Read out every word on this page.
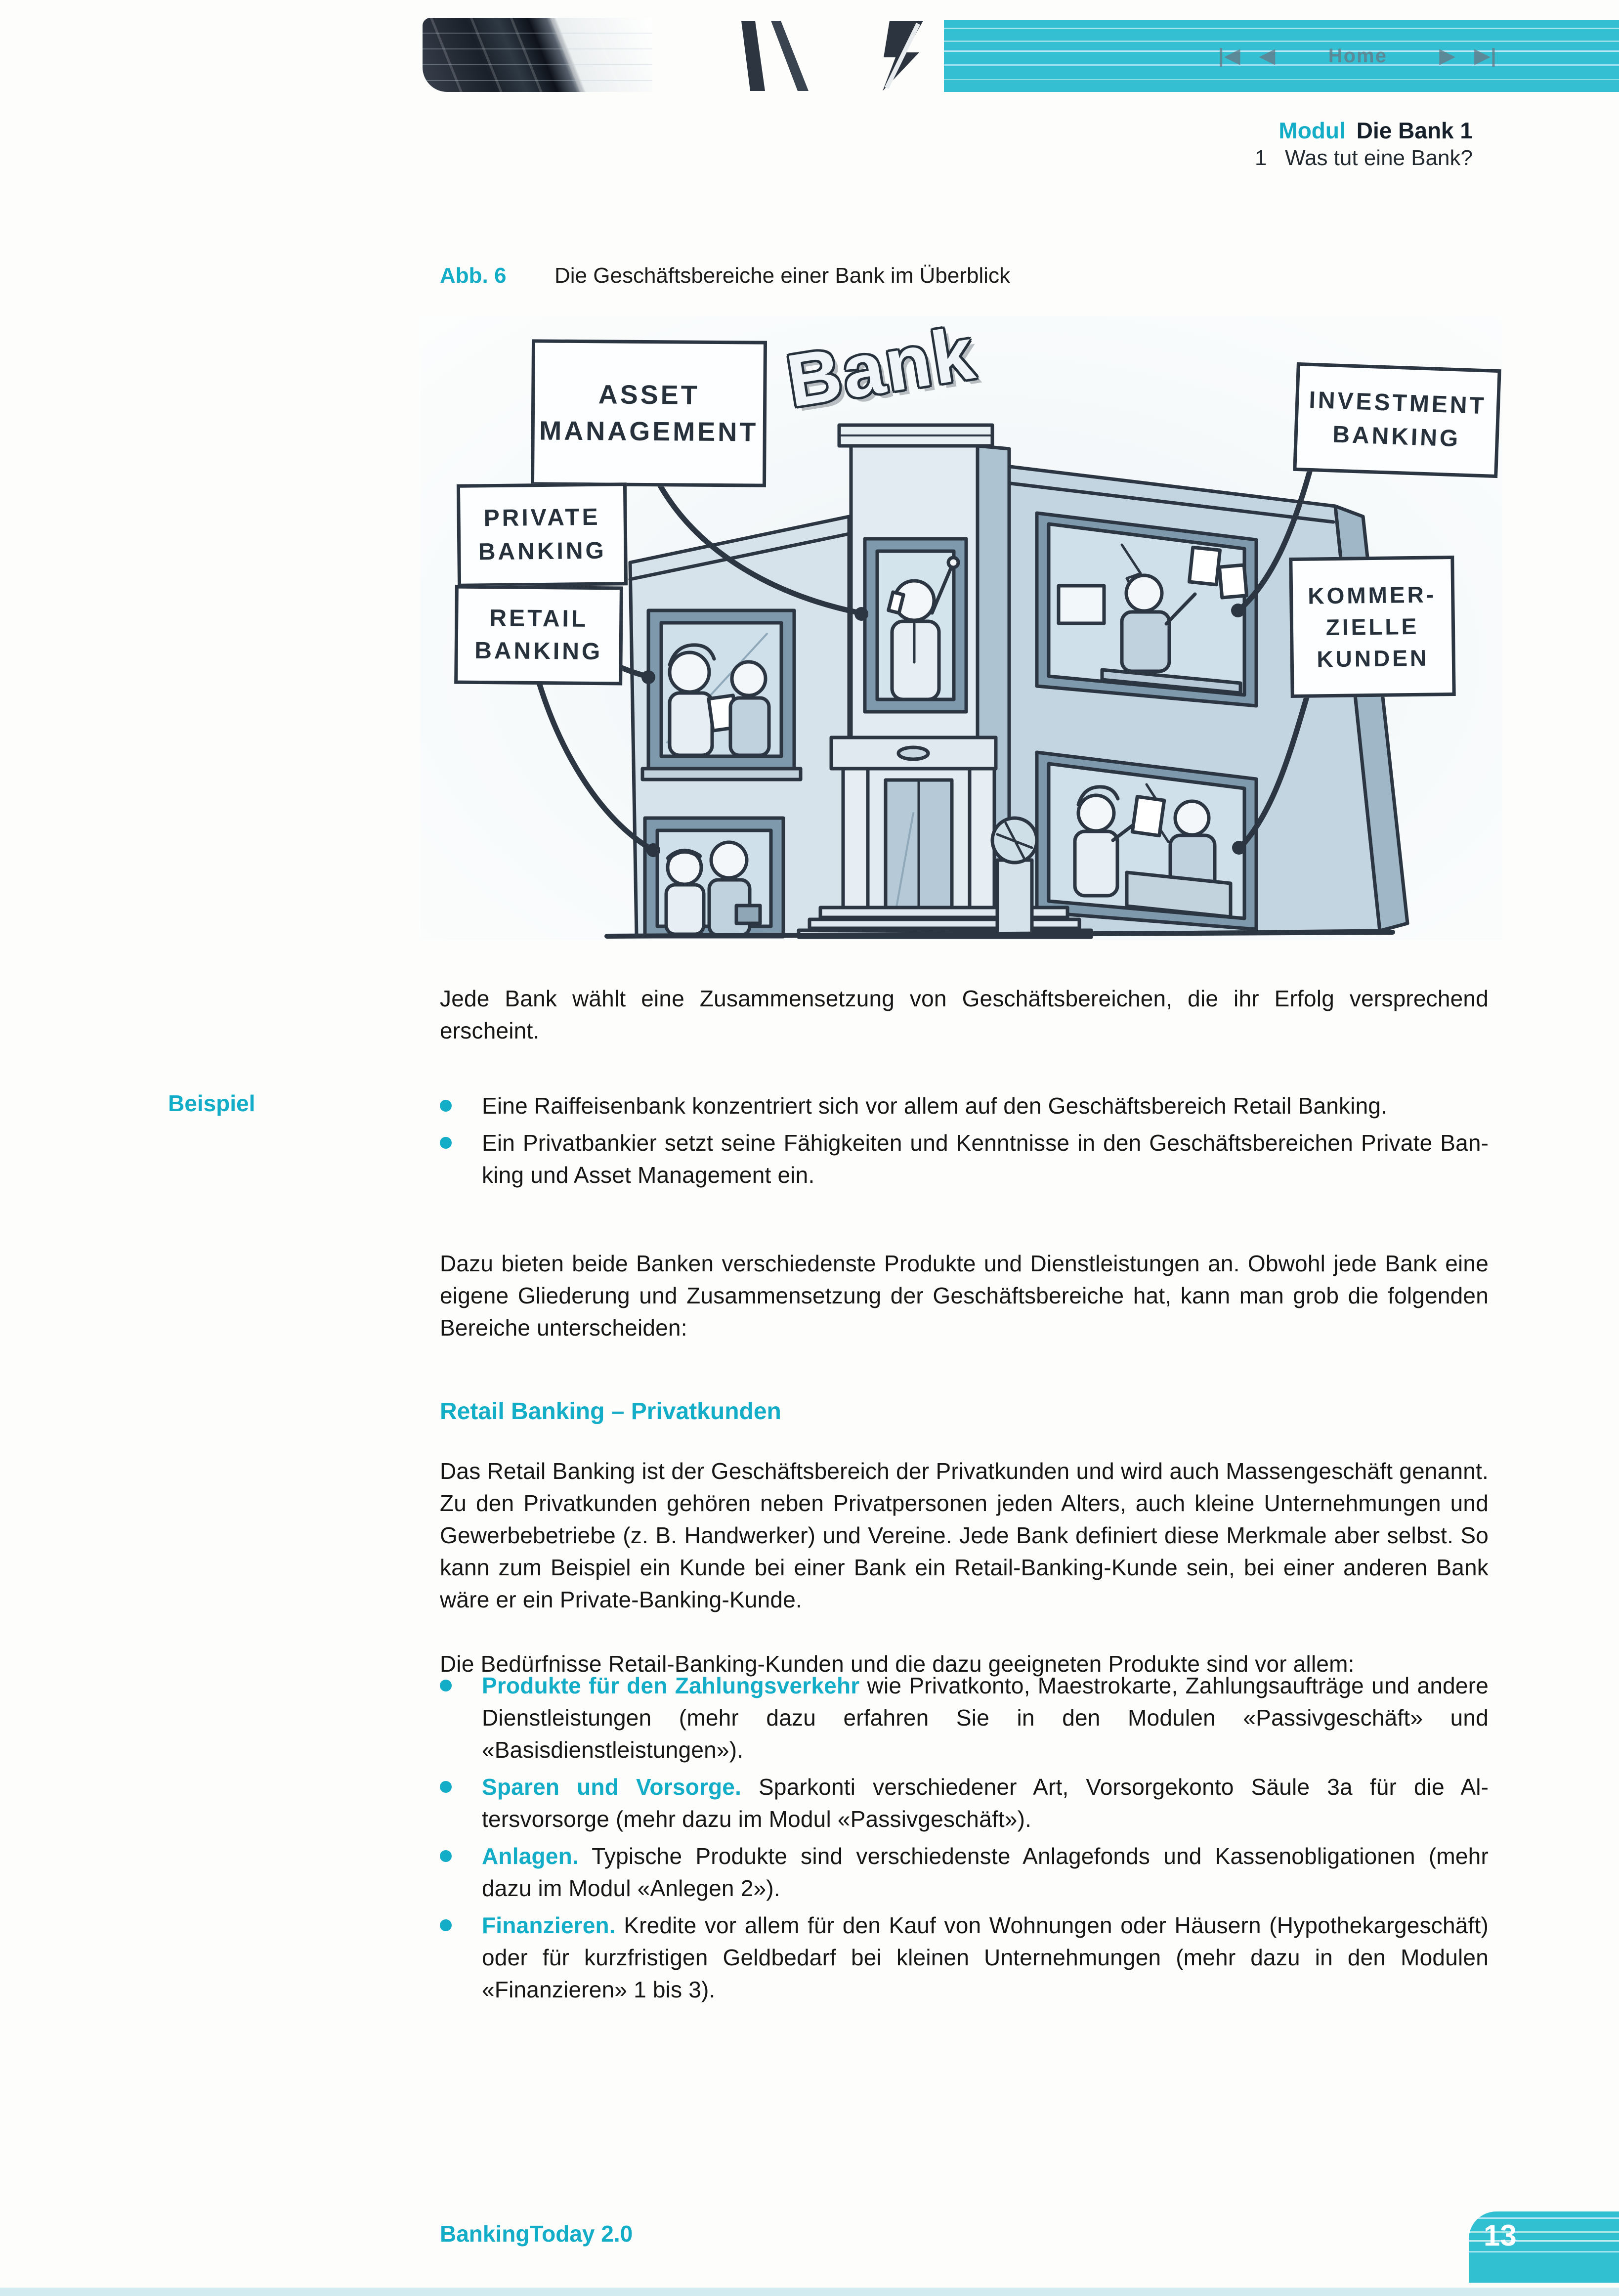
|◀ ◀	Home	▶ ▶|
Modul Die Bank 1
1   Was tut eine Bank?
Abb. 6 Die Geschäftsbereiche einer Bank im Überblick
Bank
ASSET
MANAGEMENT
PRIVATE
BANKING
RETAIL
BANKING
INVESTMENT
BANKING
KOMMER-
ZIELLE
KUNDEN

Jede Bank wählt eine Zusammensetzung von Geschäftsbereichen, die ihr Erfolg versprechend erscheint.

Beispiel	Eine Raiffeisenbank konzentriert sich vor allem auf den Geschäftsbereich Retail Banking.
Ein Privatbankier setzt seine Fähigkeiten und Kenntnisse in den Geschäftsbereichen Private Banking und Asset Management ein.

Dazu bieten beide Banken verschiedenste Produkte und Dienstleistungen an. Obwohl jede Bank eine eigene Gliederung und Zusammensetzung der Geschäftsbereiche hat, kann man grob die folgenden Bereiche unterscheiden:

Retail Banking – Privatkunden

Das Retail Banking ist der Geschäftsbereich der Privatkunden und wird auch Massengeschäft genannt. Zu den Privatkunden gehören neben Privatpersonen jeden Alters, auch kleine Unternehmungen und Gewerbebetriebe (z. B. Handwerker) und Vereine. Jede Bank definiert diese Merkmale aber selbst. So kann zum Beispiel ein Kunde bei einer Bank ein Retail-Banking-Kunde sein, bei einer anderen Bank wäre er ein Private-Banking-Kunde.

Die Bedürfnisse Retail-Banking-Kunden und die dazu geeigneten Produkte sind vor allem:

Produkte für den Zahlungsverkehr wie Privatkonto, Maestrokarte, Zahlungsaufträge und andere Dienstleistungen (mehr dazu erfahren Sie in den Modulen «Passivgeschäft» und «Basisdienstleistungen»).
Sparen und Vorsorge. Sparkonti verschiedener Art, Vorsorgekonto Säule 3a für die Altersvorsorge (mehr dazu im Modul «Passivgeschäft»).
Anlagen. Typische Produkte sind verschiedenste Anlagefonds und Kassenobligationen (mehr dazu im Modul «Anlegen 2»).
Finanzieren. Kredite vor allem für den Kauf von Wohnungen oder Häusern (Hypothekargeschäft) oder für kurzfristigen Geldbedarf bei kleinen Unternehmungen (mehr dazu in den Modulen «Finanzieren» 1 bis 3).
BankingToday 2.0	13
